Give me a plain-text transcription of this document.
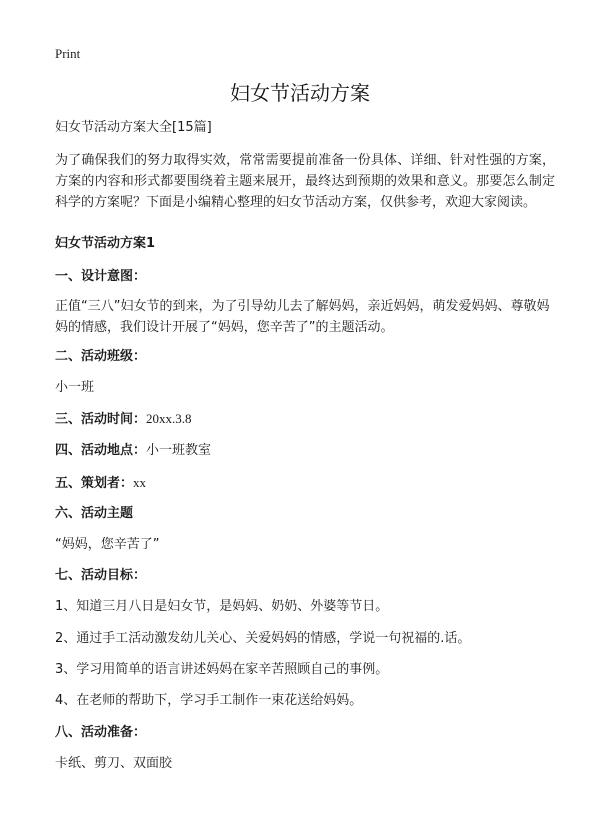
Print
妇女节活动方案
妇女节活动方案大全[15篇]
为了确保我们的努力取得实效，常常需要提前准备一份具体、详细、针对性强的方案，方案的内容和形式都要围绕着主题来展开，最终达到预期的效果和意义。那要怎么制定科学的方案呢？下面是小编精心整理的妇女节活动方案，仅供参考，欢迎大家阅读。
妇女节活动方案1
一、设计意图：
正值“三八”妇女节的到来，为了引导幼儿去了解妈妈，亲近妈妈，萌发爱妈妈、尊敬妈妈的情感，我们设计开展了“妈妈，您辛苦了”的主题活动。
二、活动班级：
小一班
三、活动时间：20xx.3.8
四、活动地点：小一班教室
五、策划者：xx
六、活动主题
“妈妈，您辛苦了”
七、活动目标：
1、知道三月八日是妇女节，是妈妈、奶奶、外婆等节日。
2、通过手工活动激发幼儿关心、关爱妈妈的情感，学说一句祝福的.话。
3、学习用简单的语言讲述妈妈在家辛苦照顾自己的事例。
4、在老师的帮助下，学习手工制作一束花送给妈妈。
八、活动准备：
卡纸、剪刀、双面胶
